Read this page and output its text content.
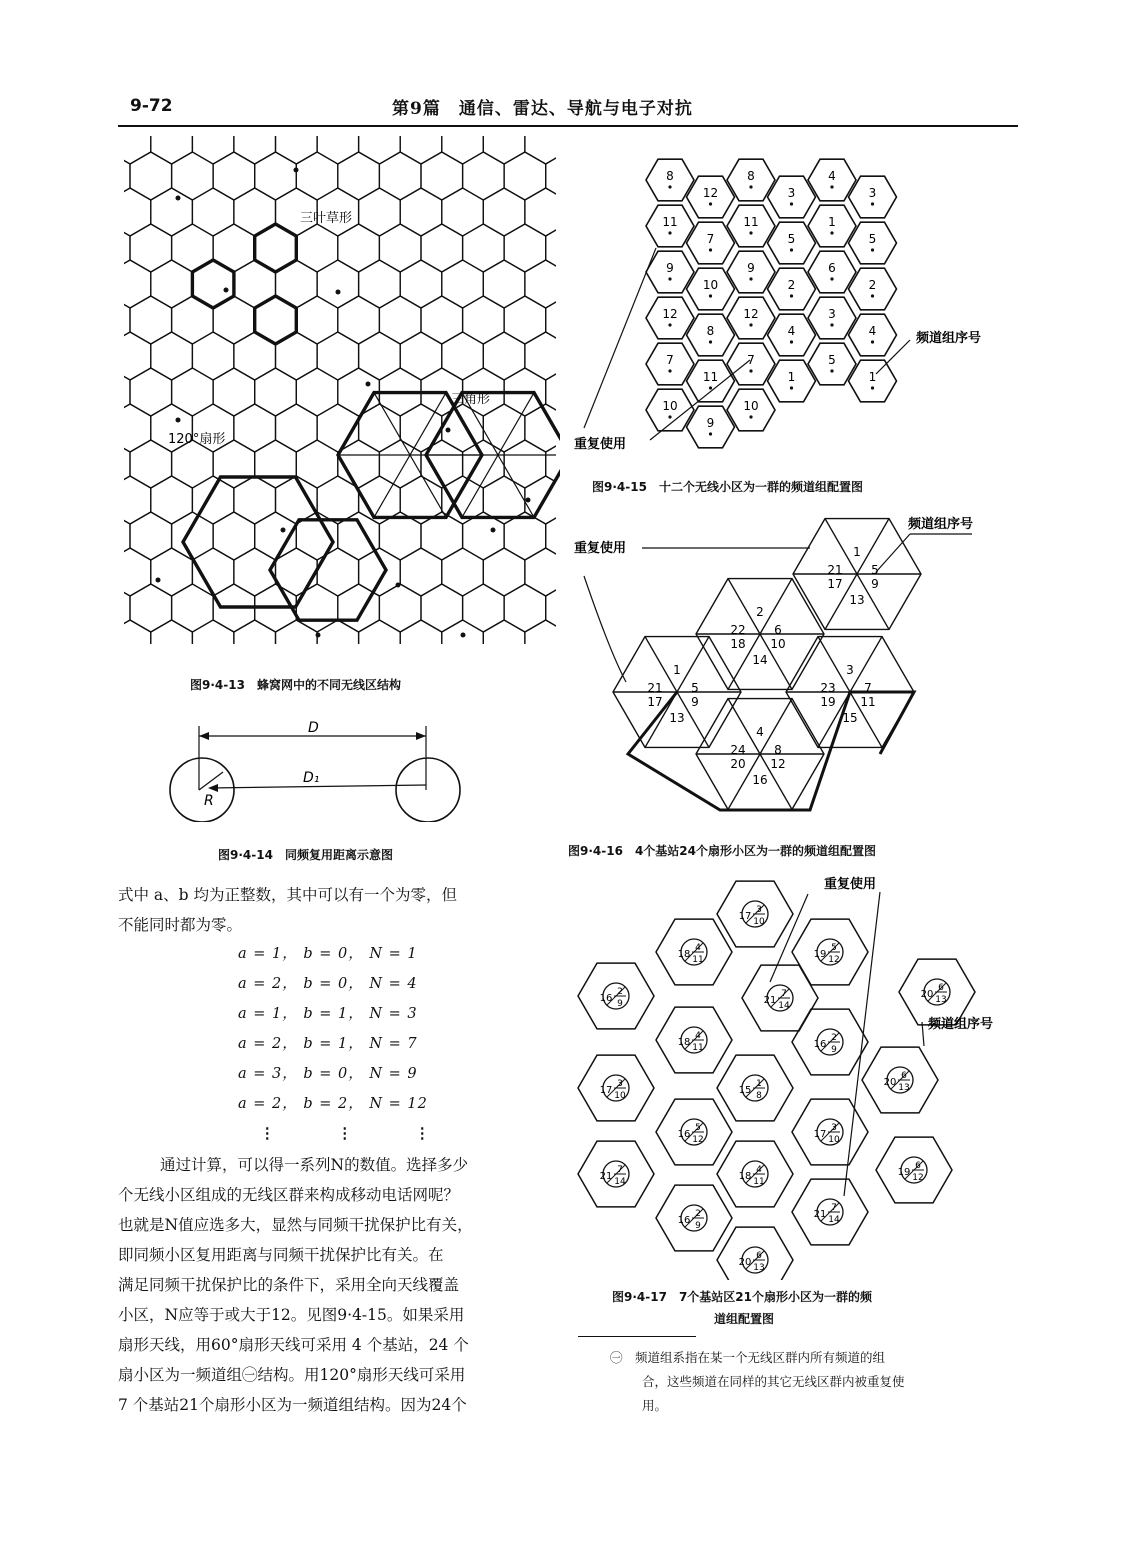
9-72	第9篇　通信、雷达、导航与电子对抗
三叶草形
三角形
120°扇形
图9·4-13　蜂窝网中的不同无线区结构
D
D₁
R
图9·4-14　同频复用距离示意图
式中 a、b 均为正整数，其中可以有一个为零，但
不能同时都为零。
a = 1， b = 0， N = 1
a = 2， b = 0， N = 4
a = 1， b = 1， N = 3
a = 2， b = 1， N = 7
a = 3， b = 0， N = 9
a = 2， b = 2， N = 12
⋮　　　　⋮　　　　⋮
通过计算，可以得一系列N的数值。选择多少
个无线小区组成的无线区群来构成移动电话网呢？
也就是N值应选多大，显然与同频干扰保护比有关，
即同频小区复用距离与同频干扰保护比有关。在
满足同频干扰保护比的条件下，采用全向天线覆盖
小区，N应等于或大于12。见图9·4-15。如果采用
扇形天线，用60°扇形天线可采用 4 个基站，24 个
扇小区为一频道组㊀结构。用120°扇形天线可采用
7 个基站21个扇形小区为一频道组结构。因为24个
8
12
8
3
4
3
11
7
11
5
1
5
9
10
9
2
6
2
12
8
12
4
3
4
7
11
7
1
5
1
10
9
10
重复使用
频道组序号
图9·4-15　十二个无线小区为一群的频道组配置图
1
21 5
17 9
13
2
22 6
18 10
14
1
21 5
17 9
13
3
23 7
19 11
15
4
24 8
20 12
16
重复使用
频道组序号
图9·4-16　4个基站24个扇形小区为一群的频道组配置图
17
3
10
18
4
11	19
5
12
16
2
9	21
7
14
18
4
11
20
6
13
16
2
9
17
3
10	15
1
8
20
6
13
16
5
12	17
3
10
21
7
14	18
4
11
19
6
12
16
2
9
21
7
14
20
6
13
重复使用
频道组序号
图9·4-17　7个基站区21个扇形小区为一群的频
道组配置图
㊀　 频道组系指在某一个无线区群内所有频道的组
合，这些频道在同样的其它无线区群内被重复使
用。
